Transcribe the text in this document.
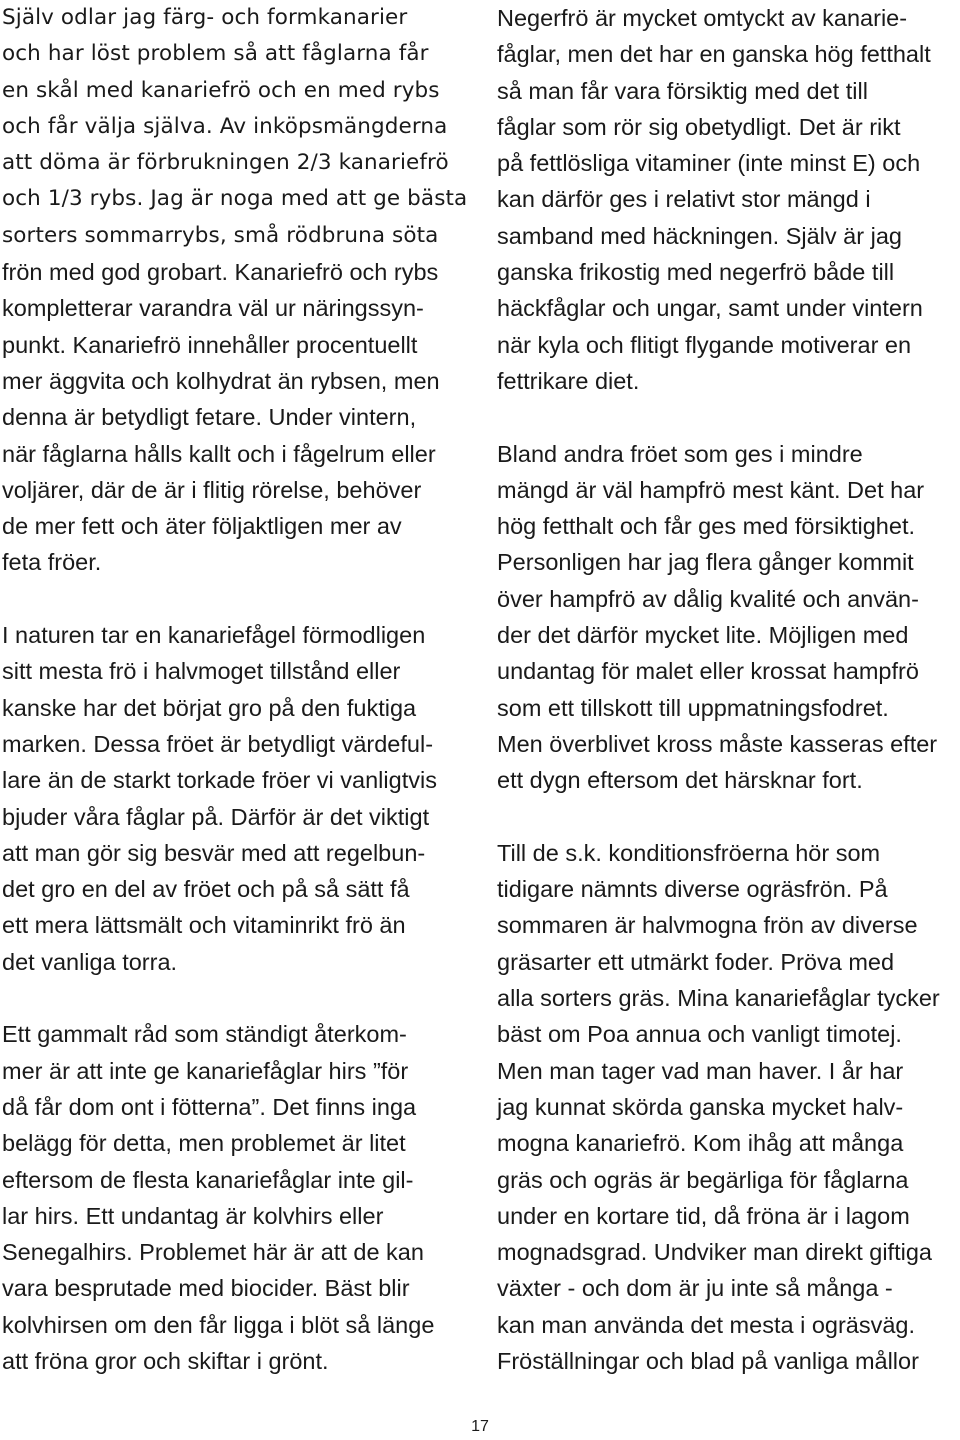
Själv odlar jag färg- och formkanarier
och har löst problem så att fåglarna får
en skål med kanariefrö och en med rybs
och får välja själva. Av inköpsmängderna
att döma är förbrukningen 2/3 kanariefrö
och 1/3 rybs. Jag är noga med att ge bästa
sorters sommarrybs, små rödbruna söta
frön med god grobart. Kanariefrö och rybs
kompletterar varandra väl ur näringssyn-
punkt. Kanariefrö innehåller procentuellt
mer äggvita och kolhydrat än rybsen, men
denna är betydligt fetare. Under vintern,
när fåglarna hålls kallt och i fågelrum eller
voljärer, där de är i flitig rörelse, behöver
de mer fett och äter följaktligen mer av
feta fröer.
I naturen tar en kanariefågel förmodligen
sitt mesta frö i halvmoget tillstånd eller
kanske har det börjat gro på den fuktiga
marken. Dessa fröet är betydligt värdeful-
lare än de starkt torkade fröer vi vanligtvis
bjuder våra fåglar på. Därför är det viktigt
att man gör sig besvär med att regelbun-
det gro en del av fröet och på så sätt få
ett mera lättsmält och vitaminrikt frö än
det vanliga torra.
Ett gammalt råd som ständigt återkom-
mer är att inte ge kanariefåglar hirs ”för
då får dom ont i fötterna”. Det finns inga
belägg för detta, men problemet är litet
eftersom de flesta kanariefåglar inte gil-
lar hirs. Ett undantag är kolvhirs eller
Senegalhirs. Problemet här är att de kan
vara besprutade med biocider. Bäst blir
kolvhirsen om den får ligga i blöt så länge
att fröna gror och skiftar i grönt.
Negerfrö är mycket omtyckt av kanarie-
fåglar, men det har en ganska hög fetthalt
så man får vara försiktig med det till
fåglar som rör sig obetydligt. Det är rikt
på fettlösliga vitaminer (inte minst E) och
kan därför ges i relativt stor mängd i
samband med häckningen. Själv är jag
ganska frikostig med negerfrö både till
häckfåglar och ungar, samt under vintern
när kyla och flitigt flygande motiverar en
fettrikare diet.
Bland andra fröet som ges i mindre
mängd är väl hampfrö mest känt. Det har
hög fetthalt och får ges med försiktighet.
Personligen har jag flera gånger kommit
över hampfrö av dålig kvalité och använ-
der det därför mycket lite. Möjligen med
undantag för malet eller krossat hampfrö
som ett tillskott till uppmatningsfodret.
Men överblivet kross måste kasseras efter
ett dygn eftersom det härsknar fort.
Till de s.k. konditionsfröerna hör som
tidigare nämnts diverse ogräsfrön. På
sommaren är halvmogna frön av diverse
gräsarter ett utmärkt foder. Pröva med
alla sorters gräs. Mina kanariefåglar tycker
bäst om Poa annua och vanligt timotej.
Men man tager vad man haver. I år har
jag kunnat skörda ganska mycket halv-
mogna kanariefrö. Kom ihåg att många
gräs och ogräs är begärliga för fåglarna
under en kortare tid, då fröna är i lagom
mognadsgrad. Undviker man direkt giftiga
växter - och dom är ju inte så många -
kan man använda det mesta i ogräsväg.
Fröställningar och blad på vanliga mållor
17
